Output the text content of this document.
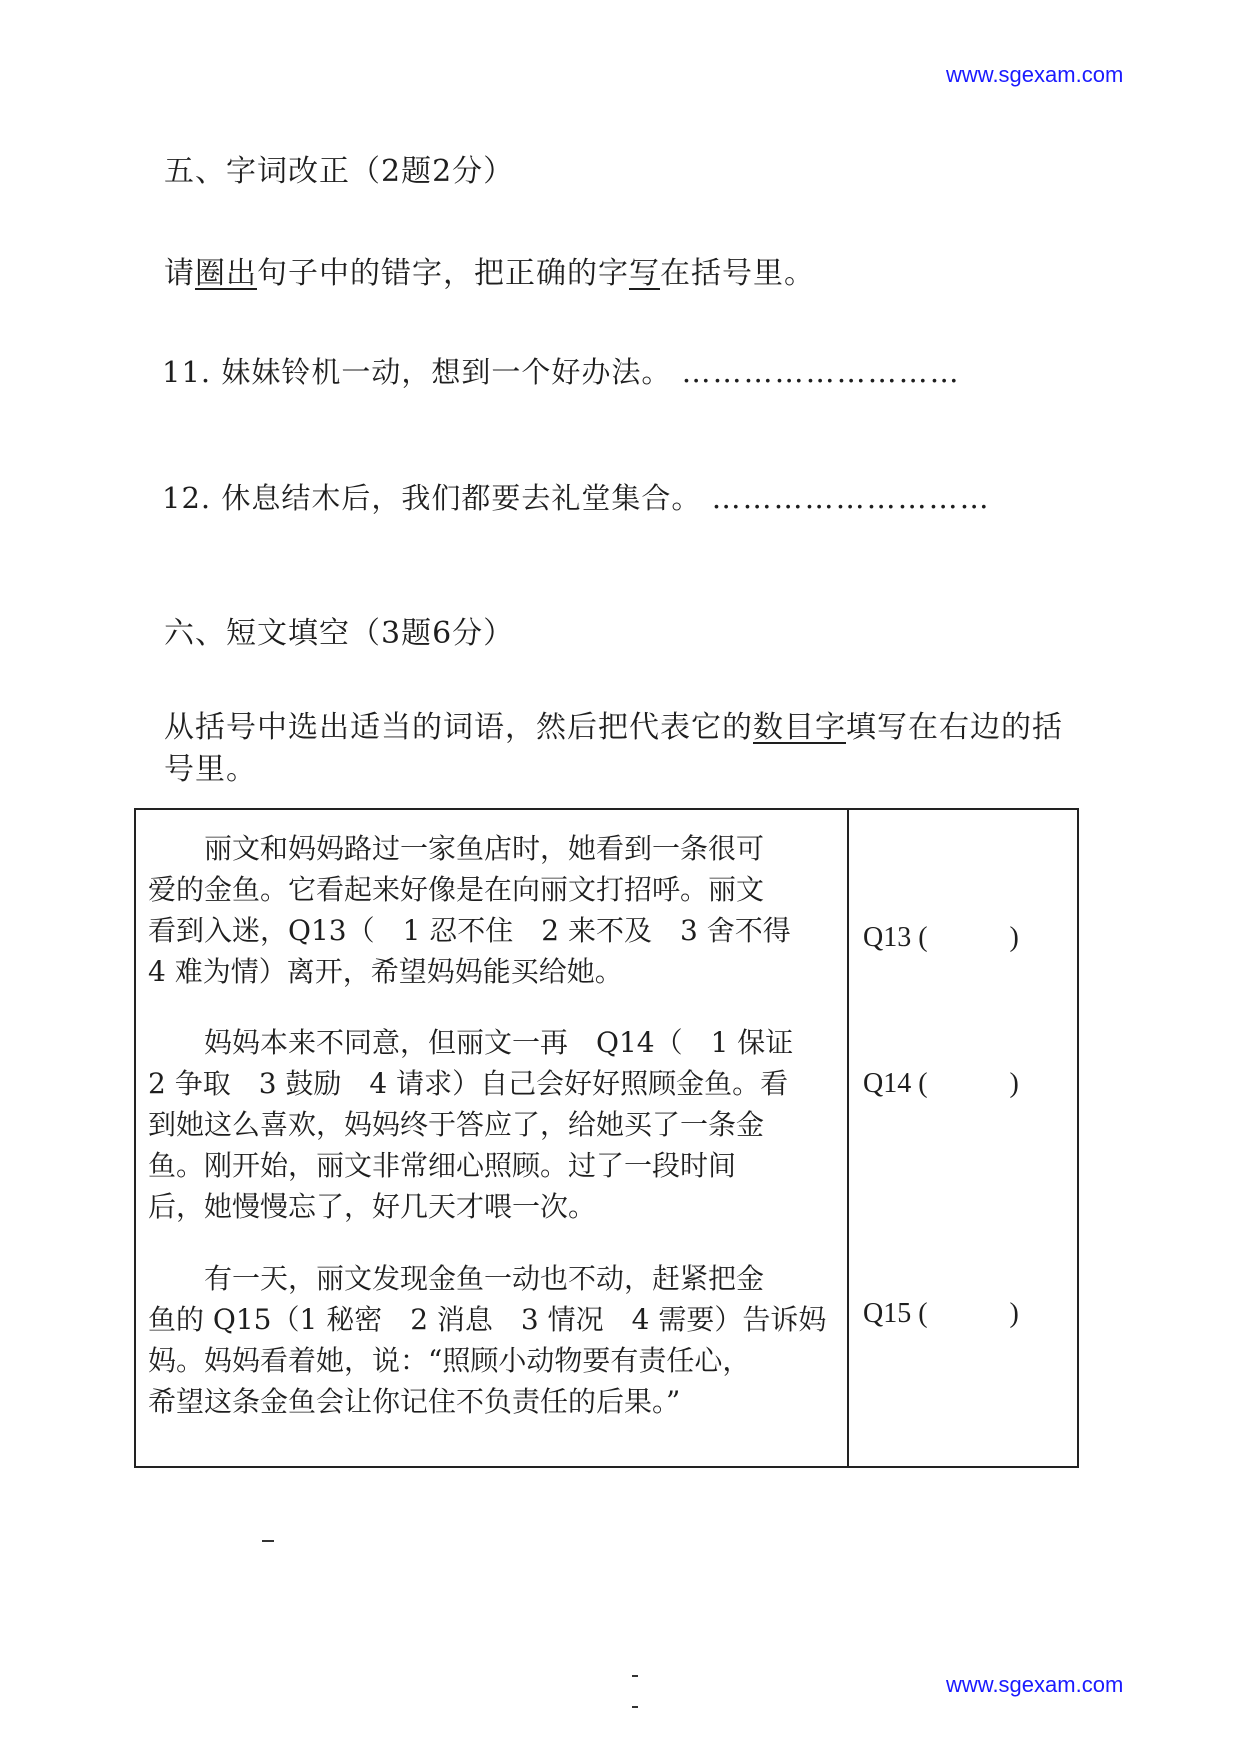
www.sgexam.com
五、字词改正（2题2分）
请圈出句子中的错字，把正确的字写在括号里。
11. 妹妹铃机一动，想到一个好办法。 ………………………
12. 休息结木后，我们都要去礼堂集合。 ………………………
六、短文填空（3题6分）
从括号中选出适当的词语，然后把代表它的数目字填写在右边的括
号里。
　　丽文和妈妈路过一家鱼店时，她看到一条很可
爱的金鱼。它看起来好像是在向丽文打招呼。丽文
看到入迷，Q13（　1 忍不住　2 来不及　3 舍不得
4 难为情）离开，希望妈妈能买给她。
　　妈妈本来不同意，但丽文一再　Q14（　1 保证
2 争取　3 鼓励　4 请求）自己会好好照顾金鱼。看
到她这么喜欢，妈妈终于答应了，给她买了一条金
鱼。刚开始，丽文非常细心照顾。过了一段时间
后，她慢慢忘了，好几天才喂一次。
　　有一天，丽文发现金鱼一动也不动，赶紧把金
鱼的 Q15（1 秘密　2 消息　3 情况　4 需要）告诉妈
妈。妈妈看着她，说：“照顾小动物要有责任心，
希望这条金鱼会让你记住不负责任的后果。”
Q13 (	)
Q14 (	)
Q15 (	)
www.sgexam.com
